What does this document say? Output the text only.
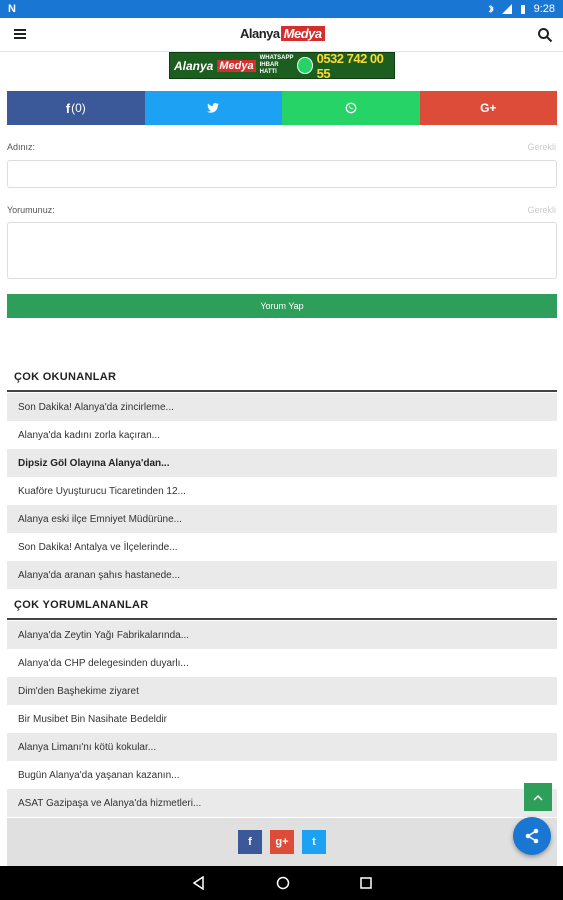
N	9:28
Alanya Medya
Alanya Medya
WHATSAPP IHBAR HATTI
0532 742 00 55
f (0)	G+
Adınız:	Gerekli
Yorumunuz:	Gerekli
Yorum Yap
ÇOK OKUNANLAR
Son Dakika! Alanya'da zincirleme...
Alanya'da kadını zorla kaçıran...
Dipsiz Göl Olayına Alanya'dan...
Kuaföre Uyuşturucu Ticaretinden 12...
Alanya eski ilçe Emniyet Müdürüne...
Son Dakika! Antalya ve İlçelerinde...
Alanya'da aranan şahıs hastanede...
ÇOK YORUMLANANLAR
Alanya'da Zeytin Yağı Fabrikalarında...
Alanya'da CHP delegesinden duyarlı...
Dim'den Başhekime ziyaret
Bir Musibet Bin Nasihate Bedeldir
Alanya Limanı'nı kötü kokular...
Bugün Alanya'da yaşanan kazanın...
ASAT Gazipaşa ve Alanya'da hizmetleri...
f	g+	t
